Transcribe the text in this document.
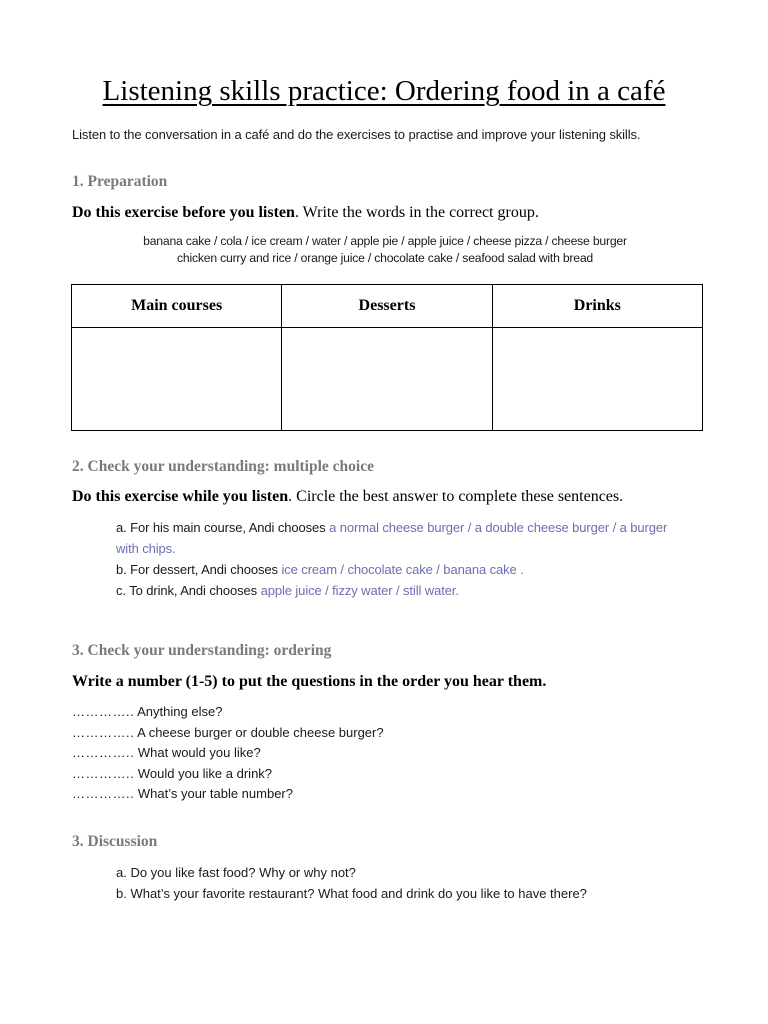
Listening skills practice: Ordering food in a café
Listen to the conversation in a café and do the exercises to practise and improve your listening skills.
1. Preparation
Do this exercise before you listen. Write the words in the correct group.
banana cake / cola / ice cream / water / apple pie / apple juice / cheese pizza / cheese burger
chicken curry and rice / orange juice / chocolate cake / seafood salad with bread
Main courses	Desserts	Drinks

2. Check your understanding: multiple choice
Do this exercise while you listen. Circle the best answer to complete these sentences.
a. For his main course, Andi chooses a normal cheese burger / a double cheese burger / a burger with chips.
b. For dessert, Andi chooses ice cream / chocolate cake / banana cake .
c. To drink, Andi chooses apple juice / fizzy water / still water.
3. Check your understanding: ordering
Write a number (1-5) to put the questions in the order you hear them.
………….. Anything else?
………….. A cheese burger or double cheese burger?
………….. What would you like?
………….. Would you like a drink?
………….. What’s your table number?
3. Discussion
a. Do you like fast food? Why or why not?
b. What’s your favorite restaurant? What food and drink do you like to have there?
